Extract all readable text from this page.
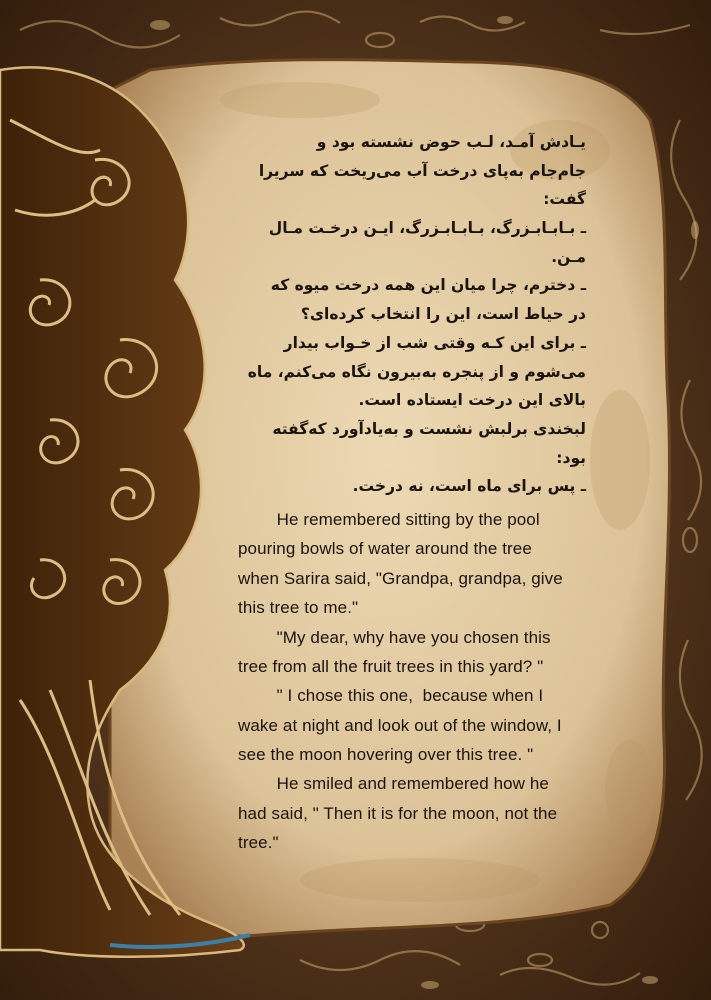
یـادش آمـد، لـب حوض نشسته بود و

جام‌جام به‌پای درخت آب می‌ریخت که سریرا

گفت:

ـ بـابـابـزرگ، بـابـابـزرگ، ایـن درخـت مـال

مـن.

ـ دخترم، چرا میان این همه درخت میوه که

در حیاط است، این را انتخاب کرده‌ای؟

ـ برای این کـه وقتی شب از خـواب بیدار

می‌شوم و از پنجره به‌بیرون نگاه می‌کنم، ماه

بالای این درخت ایستاده است.

لبخندی برلبش نشست و به‌یادآورد که‌گفته

بود:

ـ پس برای ماه است، نه درخت.

He remembered sitting by the pool

pouring bowls of water around the tree

when Sarira said, "Grandpa, grandpa, give

this tree to me."

"My dear, why have you chosen this

tree from all the fruit trees in this yard? "

" I chose this one,  because when I

wake at night and look out of the window, I

see the moon hovering over this tree. "

He smiled and remembered how he

had said, " Then it is for the moon, not the

tree."
